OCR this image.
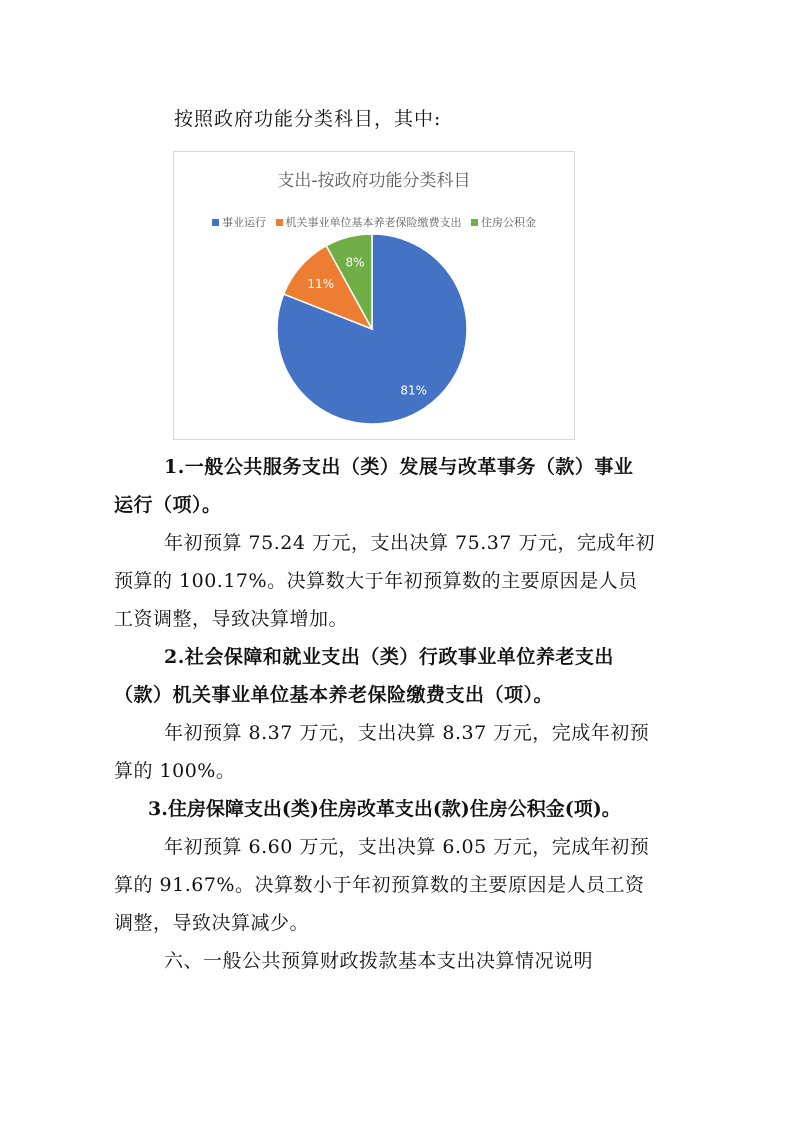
按照政府功能分类科目，其中:
支出-按政府功能分类科目
事业运行 机关事业单位基本养老保险缴费支出 住房公积金
81%
11%
8%

1.一般公共服务支出（类）发展与改革事务（款）事业
运行（项）。

年初预算 75.24 万元，支出决算 75.37 万元，完成年初
预算的 100.17%。决算数大于年初预算数的主要原因是人员
工资调整，导致决算增加。

2.社会保障和就业支出（类）行政事业单位养老支出
（款）机关事业单位基本养老保险缴费支出（项）。

年初预算 8.37 万元，支出决算 8.37 万元，完成年初预
算的 100%。

3.住房保障支出(类)住房改革支出(款)住房公积金(项)。

年初预算 6.60 万元，支出决算 6.05 万元，完成年初预
算的 91.67%。决算数小于年初预算数的主要原因是人员工资
调整，导致决算减少。

六、一般公共预算财政拨款基本支出决算情况说明
